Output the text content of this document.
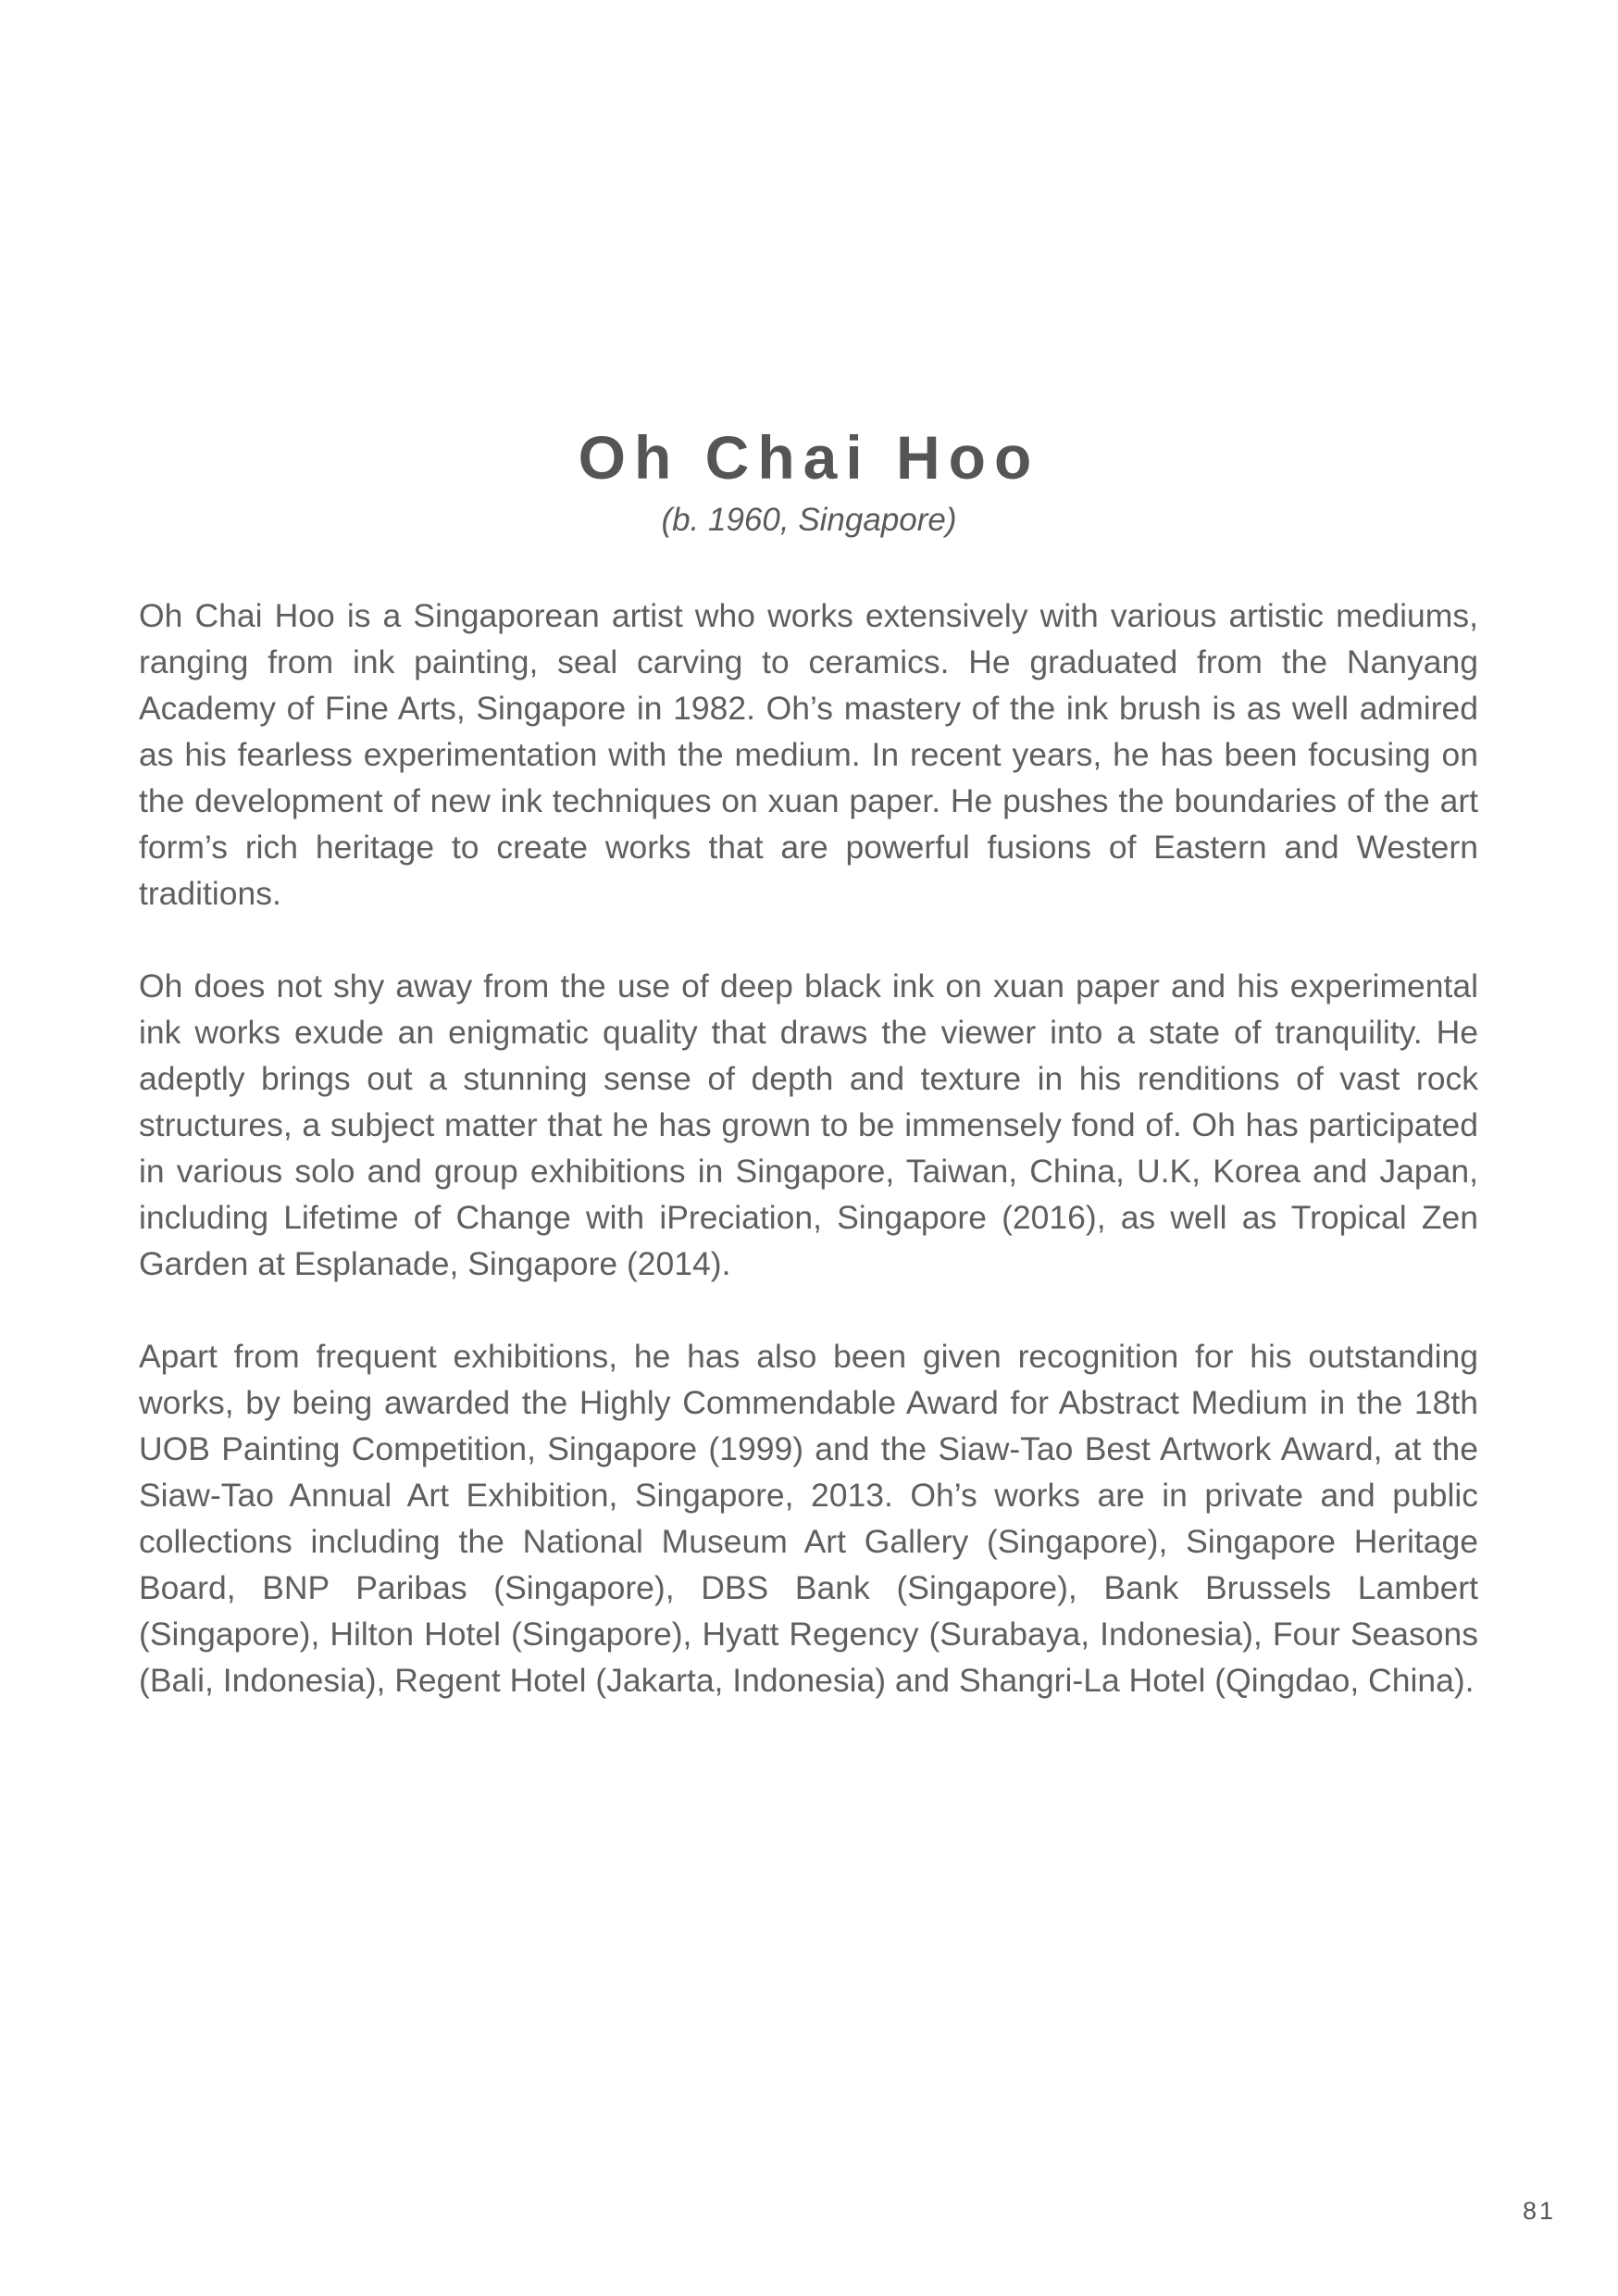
Oh Chai Hoo
(b. 1960, Singapore)

Oh Chai Hoo is a Singaporean artist who works extensively with various artistic mediums, ranging from ink painting, seal carving to ceramics. He graduated from the Nanyang Academy of Fine Arts, Singapore in 1982. Oh’s mastery of the ink brush is as well admired as his fearless experimentation with the medium. In recent years, he has been focusing on the development of new ink techniques on xuan paper. He pushes the boundaries of the art form’s rich heritage to create works that are powerful fusions of Eastern and Western traditions.

Oh does not shy away from the use of deep black ink on xuan paper and his experimental ink works exude an enigmatic quality that draws the viewer into a state of tranquility. He adeptly brings out a stunning sense of depth and texture in his renditions of vast rock structures, a subject matter that he has grown to be immensely fond of. Oh has participated in various solo and group exhibitions in Singapore, Taiwan, China, U.K, Korea and Japan, including Lifetime of Change with iPreciation, Singapore (2016), as well as Tropical Zen Garden at Esplanade, Singapore (2014).

Apart from frequent exhibitions, he has also been given recognition for his outstanding works, by being awarded the Highly Commendable Award for Abstract Medium in the 18th UOB Painting Competition, Singapore (1999) and the Siaw-Tao Best Artwork Award, at the Siaw-Tao Annual Art Exhibition, Singapore, 2013. Oh’s works are in private and public collections including the National Museum Art Gallery (Singapore), Singapore Heritage Board, BNP Paribas (Singapore), DBS Bank (Singapore), Bank Brussels Lambert (Singapore), Hilton Hotel (Singapore), Hyatt Regency (Surabaya, Indonesia), Four Seasons (Bali, Indonesia), Regent Hotel (Jakarta, Indonesia) and Shangri-La Hotel (Qingdao, China).

81
